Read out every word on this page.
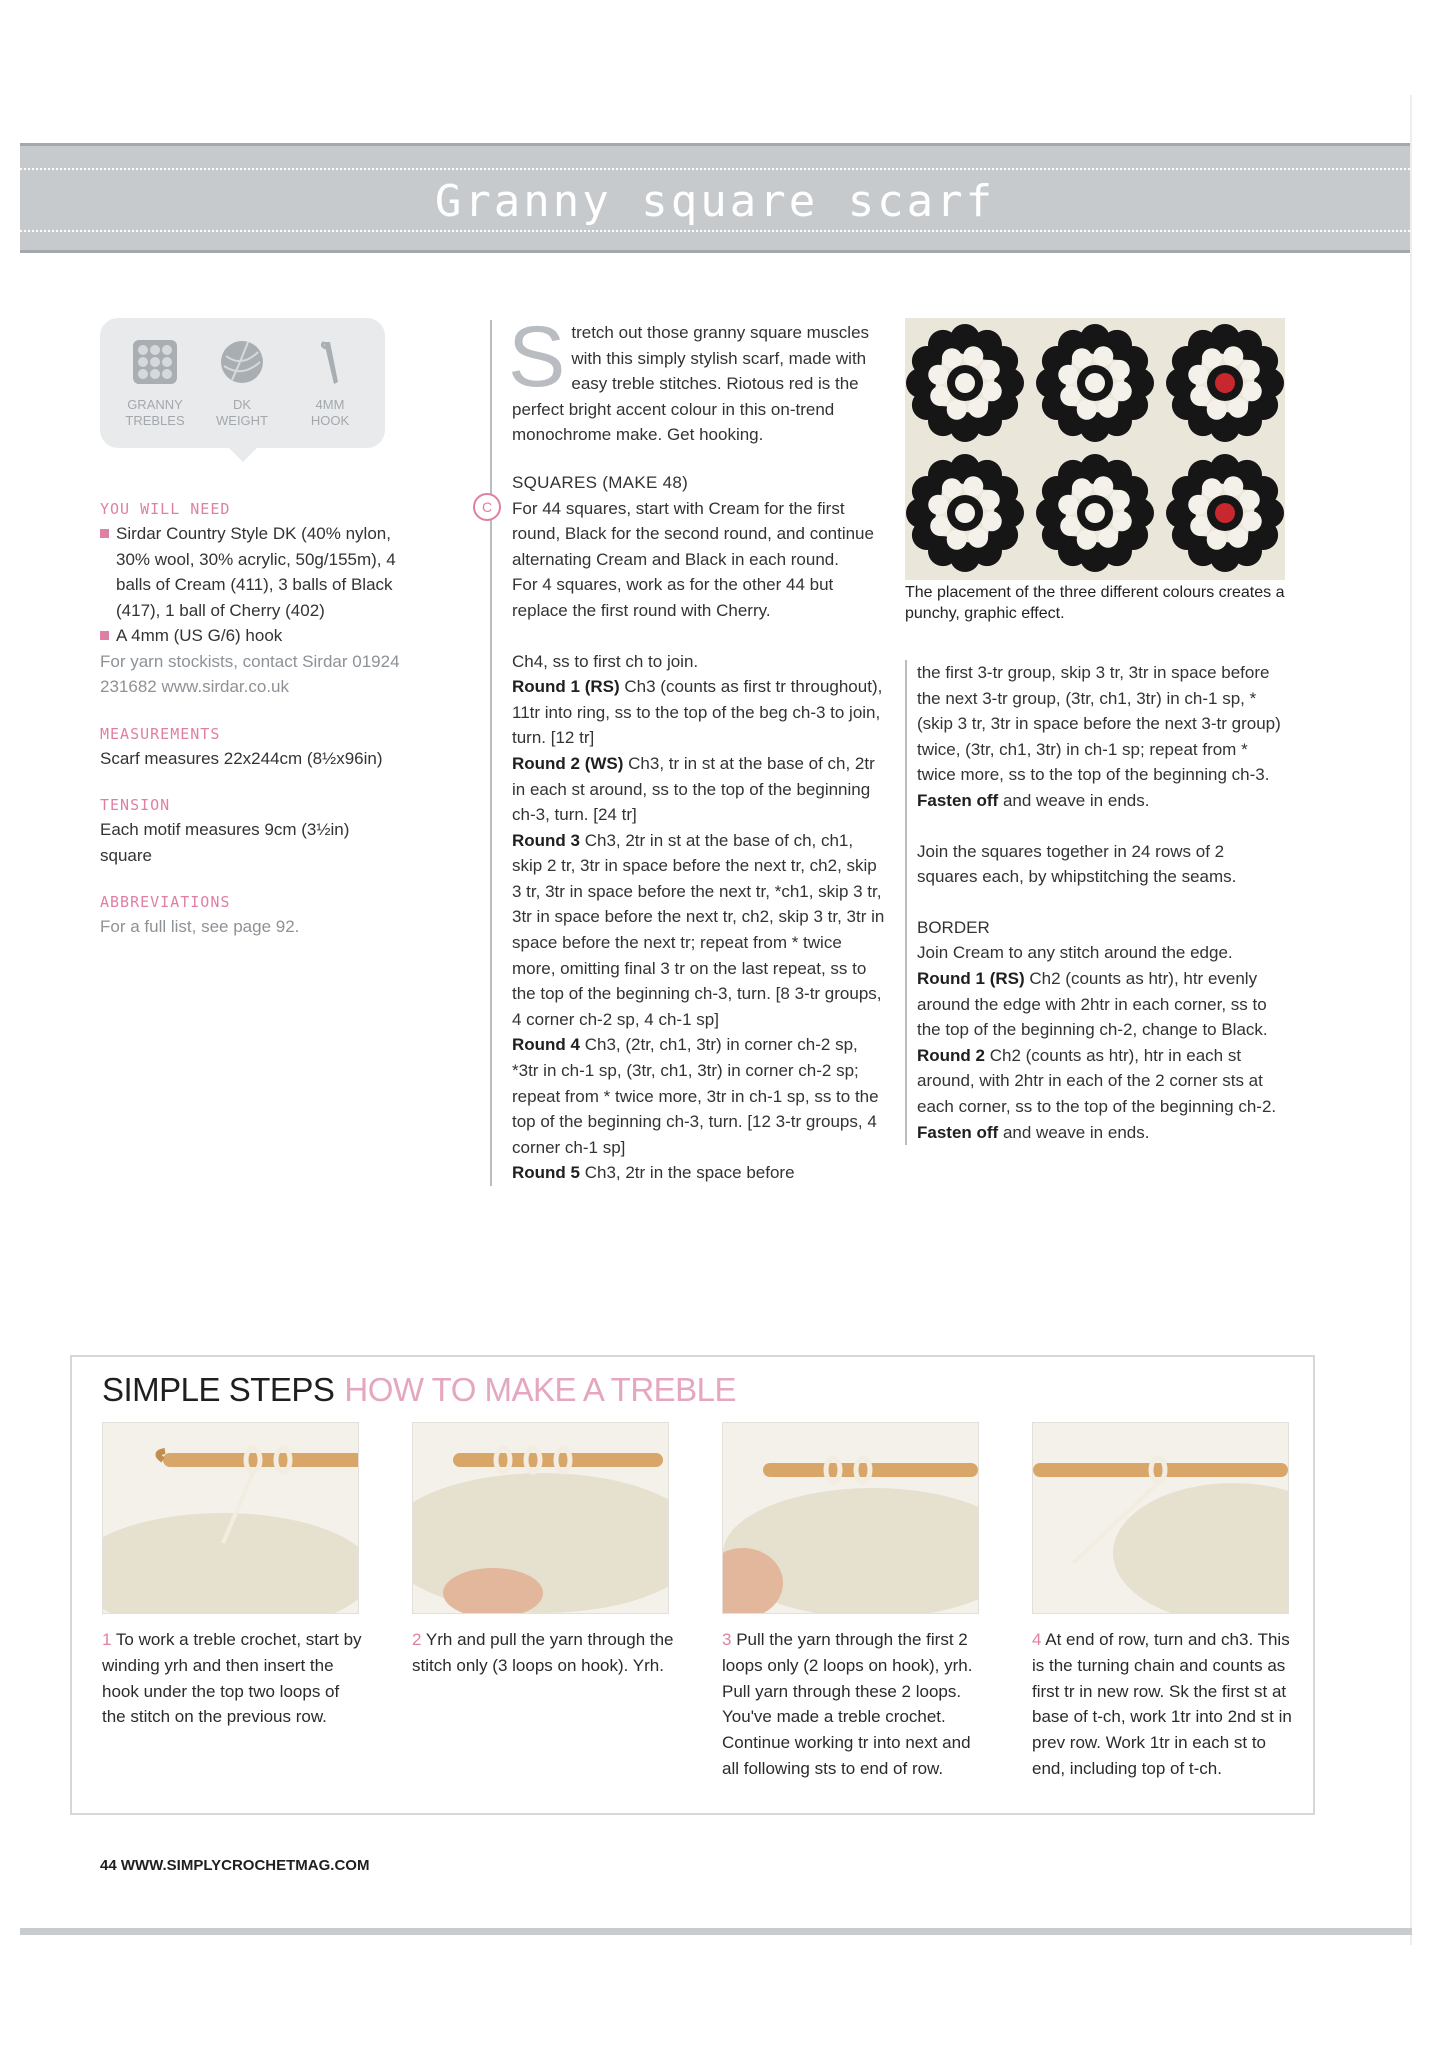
Granny square scarf
GRANNY
TREBLES
DK
WEIGHT
4MM
HOOK
YOU WILL NEED
Sirdar Country Style DK (40% nylon, 30% wool, 30% acrylic, 50g/155m), 4 balls of Cream (411), 3 balls of Black (417), 1 ball of Cherry (402)
A 4mm (US G/6) hook
For yarn stockists, contact Sirdar 01924 231682 www.sirdar.co.uk
MEASUREMENTS
Scarf measures 22x244cm (8½x96in)
TENSION
Each motif measures 9cm (3½in) square
ABBREVIATIONS
For a full list, see page 92.
C

Stretch out those granny square muscles with this simply stylish scarf, made with easy treble stitches. Riotous red is the perfect bright accent colour in this on-trend monochrome make. Get hooking.

SQUARES (MAKE 48)

For 44 squares, start with Cream for the first round, Black for the second round, and continue alternating Cream and Black in each round.

For 4 squares, work as for the other 44 but replace the first round with Cherry.

Ch4, ss to first ch to join.

Round 1 (RS) Ch3 (counts as first tr throughout), 11tr into ring, ss to the top of the beg ch-3 to join, turn. [12 tr]

Round 2 (WS) Ch3, tr in st at the base of ch, 2tr in each st around, ss to the top of the beginning ch-3, turn. [24 tr]

Round 3 Ch3, 2tr in st at the base of ch, ch1, skip 2 tr, 3tr in space before the next tr, ch2, skip 3 tr, 3tr in space before the next tr, *ch1, skip 3 tr, 3tr in space before the next tr, ch2, skip 3 tr, 3tr in space before the next tr; repeat from * twice more, omitting final 3 tr on the last repeat, ss to the top of the beginning ch-3, turn. [8 3-tr groups, 4 corner ch-2 sp, 4 ch-1 sp]

Round 4 Ch3, (2tr, ch1, 3tr) in corner ch-2 sp, *3tr in ch-1 sp, (3tr, ch1, 3tr) in corner ch-2 sp; repeat from * twice more, 3tr in ch-1 sp, ss to the top of the beginning ch-3, turn. [12 3-tr groups, 4 corner ch-1 sp]

Round 5 Ch3, 2tr in the space before

The placement of the three different colours creates a punchy, graphic effect.

the first 3-tr group, skip 3 tr, 3tr in space before the next 3-tr group, (3tr, ch1, 3tr) in ch-1 sp, *(skip 3 tr, 3tr in space before the next 3-tr group) twice, (3tr, ch1, 3tr) in ch-1 sp; repeat from * twice more, ss to the top of the beginning ch-3.

Fasten off and weave in ends.

Join the squares together in 24 rows of 2 squares each, by whipstitching the seams.

BORDER

Join Cream to any stitch around the edge.

Round 1 (RS) Ch2 (counts as htr), htr evenly around the edge with 2htr in each corner, ss to the top of the beginning ch-2, change to Black.

Round 2 Ch2 (counts as htr), htr in each st around, with 2htr in each of the 2 corner sts at each corner, ss to the top of the beginning ch-2.

Fasten off and weave in ends.

SIMPLE STEPS HOW TO MAKE A TREBLE
1 To work a treble crochet, start by winding yrh and then insert the hook under the top two loops of the stitch on the previous row.
2 Yrh and pull the yarn through the stitch only (3 loops on hook). Yrh.
3 Pull the yarn through the first 2 loops only (2 loops on hook), yrh. Pull yarn through these 2 loops. You've made a treble crochet. Continue working tr into next and all following sts to end of row.
4 At end of row, turn and ch3. This is the turning chain and counts as first tr in new row. Sk the first st at base of t-ch, work 1tr into 2nd st in prev row. Work 1tr in each st to end, including top of t-ch.
44 WWW.SIMPLYCROCHETMAG.COM
